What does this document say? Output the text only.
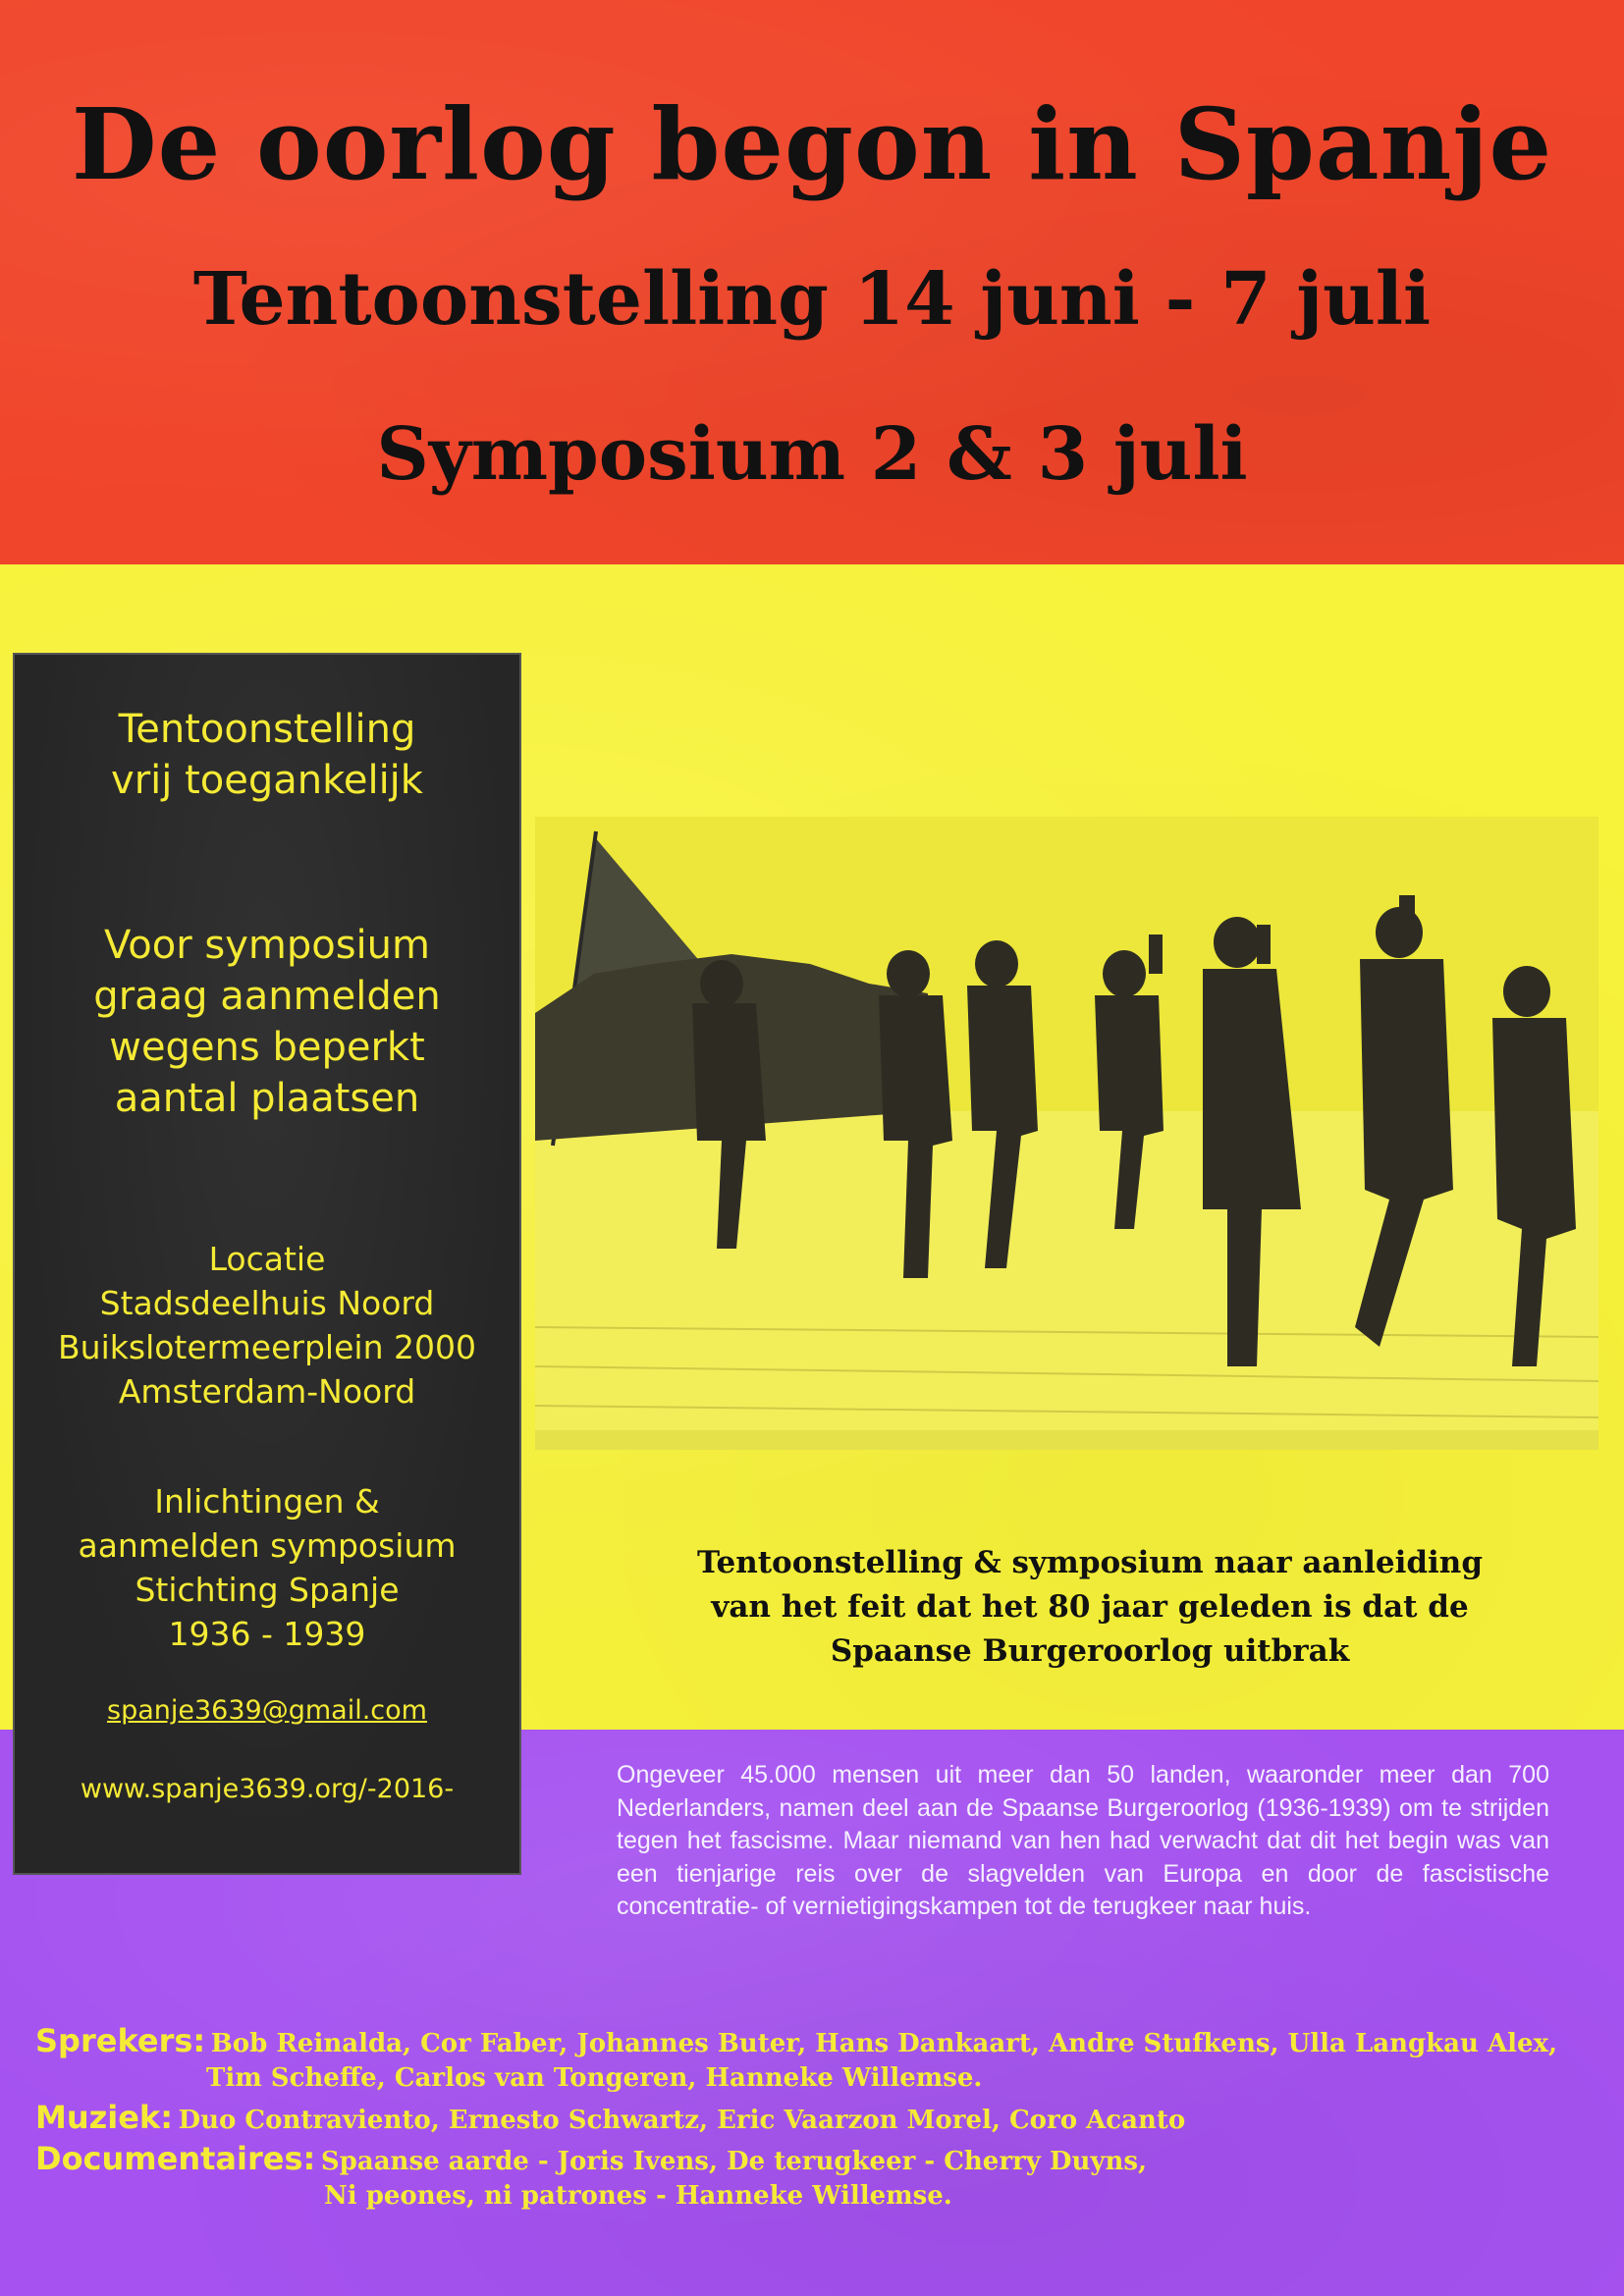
De oorlog begon in Spanje
Tentoonstelling 14 juni - 7 juli
Symposium 2 & 3 juli

Tentoonstelling
vrij toegankelijk

Voor symposium
graag aanmelden
wegens beperkt
aantal plaatsen

Locatie
Stadsdeelhuis Noord
Buikslotermeerplein 2000
Amsterdam-Noord

Inlichtingen &
aanmelden symposium
Stichting Spanje
1936 - 1939

spanje3639@gmail.com

www.spanje3639.org/-2016-

Tentoonstelling & symposium naar aanleiding
van het feit dat het 80 jaar geleden is dat de
Spaanse Burgeroorlog uitbrak

Ongeveer 45.000 mensen uit meer dan 50 landen, waaronder meer dan 700 Nederlanders, namen deel aan de Spaanse Burgeroorlog (1936-1939) om te strijden tegen het fascisme. Maar niemand van hen had verwacht dat dit het begin was van een tienjarige reis over de slagvelden van Europa en door de fascistische concentratie- of vernietigingskampen tot de terugkeer naar huis.

Sprekers: Bob Reinalda, Cor Faber, Johannes Buter, Hans Dankaart, Andre Stufkens, Ulla Langkau Alex,

Tim Scheffe, Carlos van Tongeren, Hanneke Willemse.

Muziek: Duo Contraviento, Ernesto Schwartz, Eric Vaarzon Morel, Coro Acanto

Documentaires: Spaanse aarde - Joris Ivens, De terugkeer - Cherry Duyns,

Ni peones, ni patrones - Hanneke Willemse.
